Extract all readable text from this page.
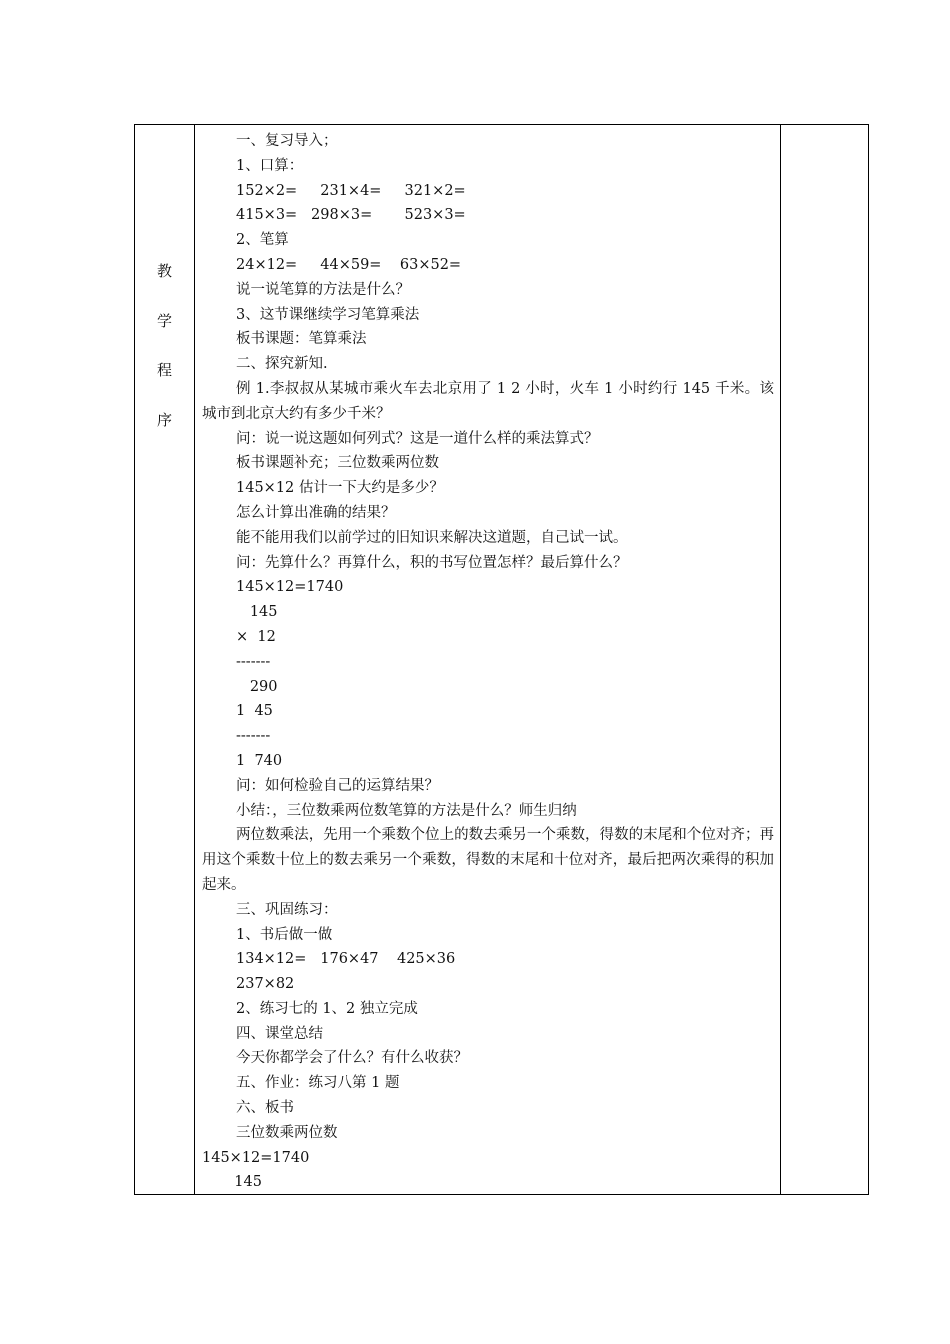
教
学
程
序
一、复习导入；
1、口算：
152×2=     231×4=     321×2=
415×3=   298×3=       523×3=
2、笔算
24×12=     44×59=    63×52=
说一说笔算的方法是什么？
3、这节课继续学习笔算乘法
板书课题：笔算乘法
二、探究新知.
例 1.李叔叔从某城市乘火车去北京用了 1 2 小时，火车 1 小时约行 145 千米。该城市到北京大约有多少千米？
问：说一说这题如何列式？这是一道什么样的乘法算式？
板书课题补充；三位数乘两位数
145×12 估计一下大约是多少？
怎么计算出准确的结果？
能不能用我们以前学过的旧知识来解决这道题，自己试一试。
问：先算什么？再算什么，积的书写位置怎样？最后算什么？
145×12=1740
145
×  12
-------
290
1  45
-------
1  740
问：如何检验自己的运算结果？
小结：，三位数乘两位数笔算的方法是什么？师生归纳
两位数乘法，先用一个乘数个位上的数去乘另一个乘数，得数的末尾和个位对齐；再用这个乘数十位上的数去乘另一个乘数，得数的末尾和十位对齐，最后把两次乘得的积加起来。
三、巩固练习：
1、书后做一做
134×12=   176×47    425×36
237×82
2、练习七的 1、2 独立完成
四、课堂总结
今天你都学会了什么？有什么收获？
五、作业：练习八第 1 题
六、板书
三位数乘两位数
145×12=1740
145
